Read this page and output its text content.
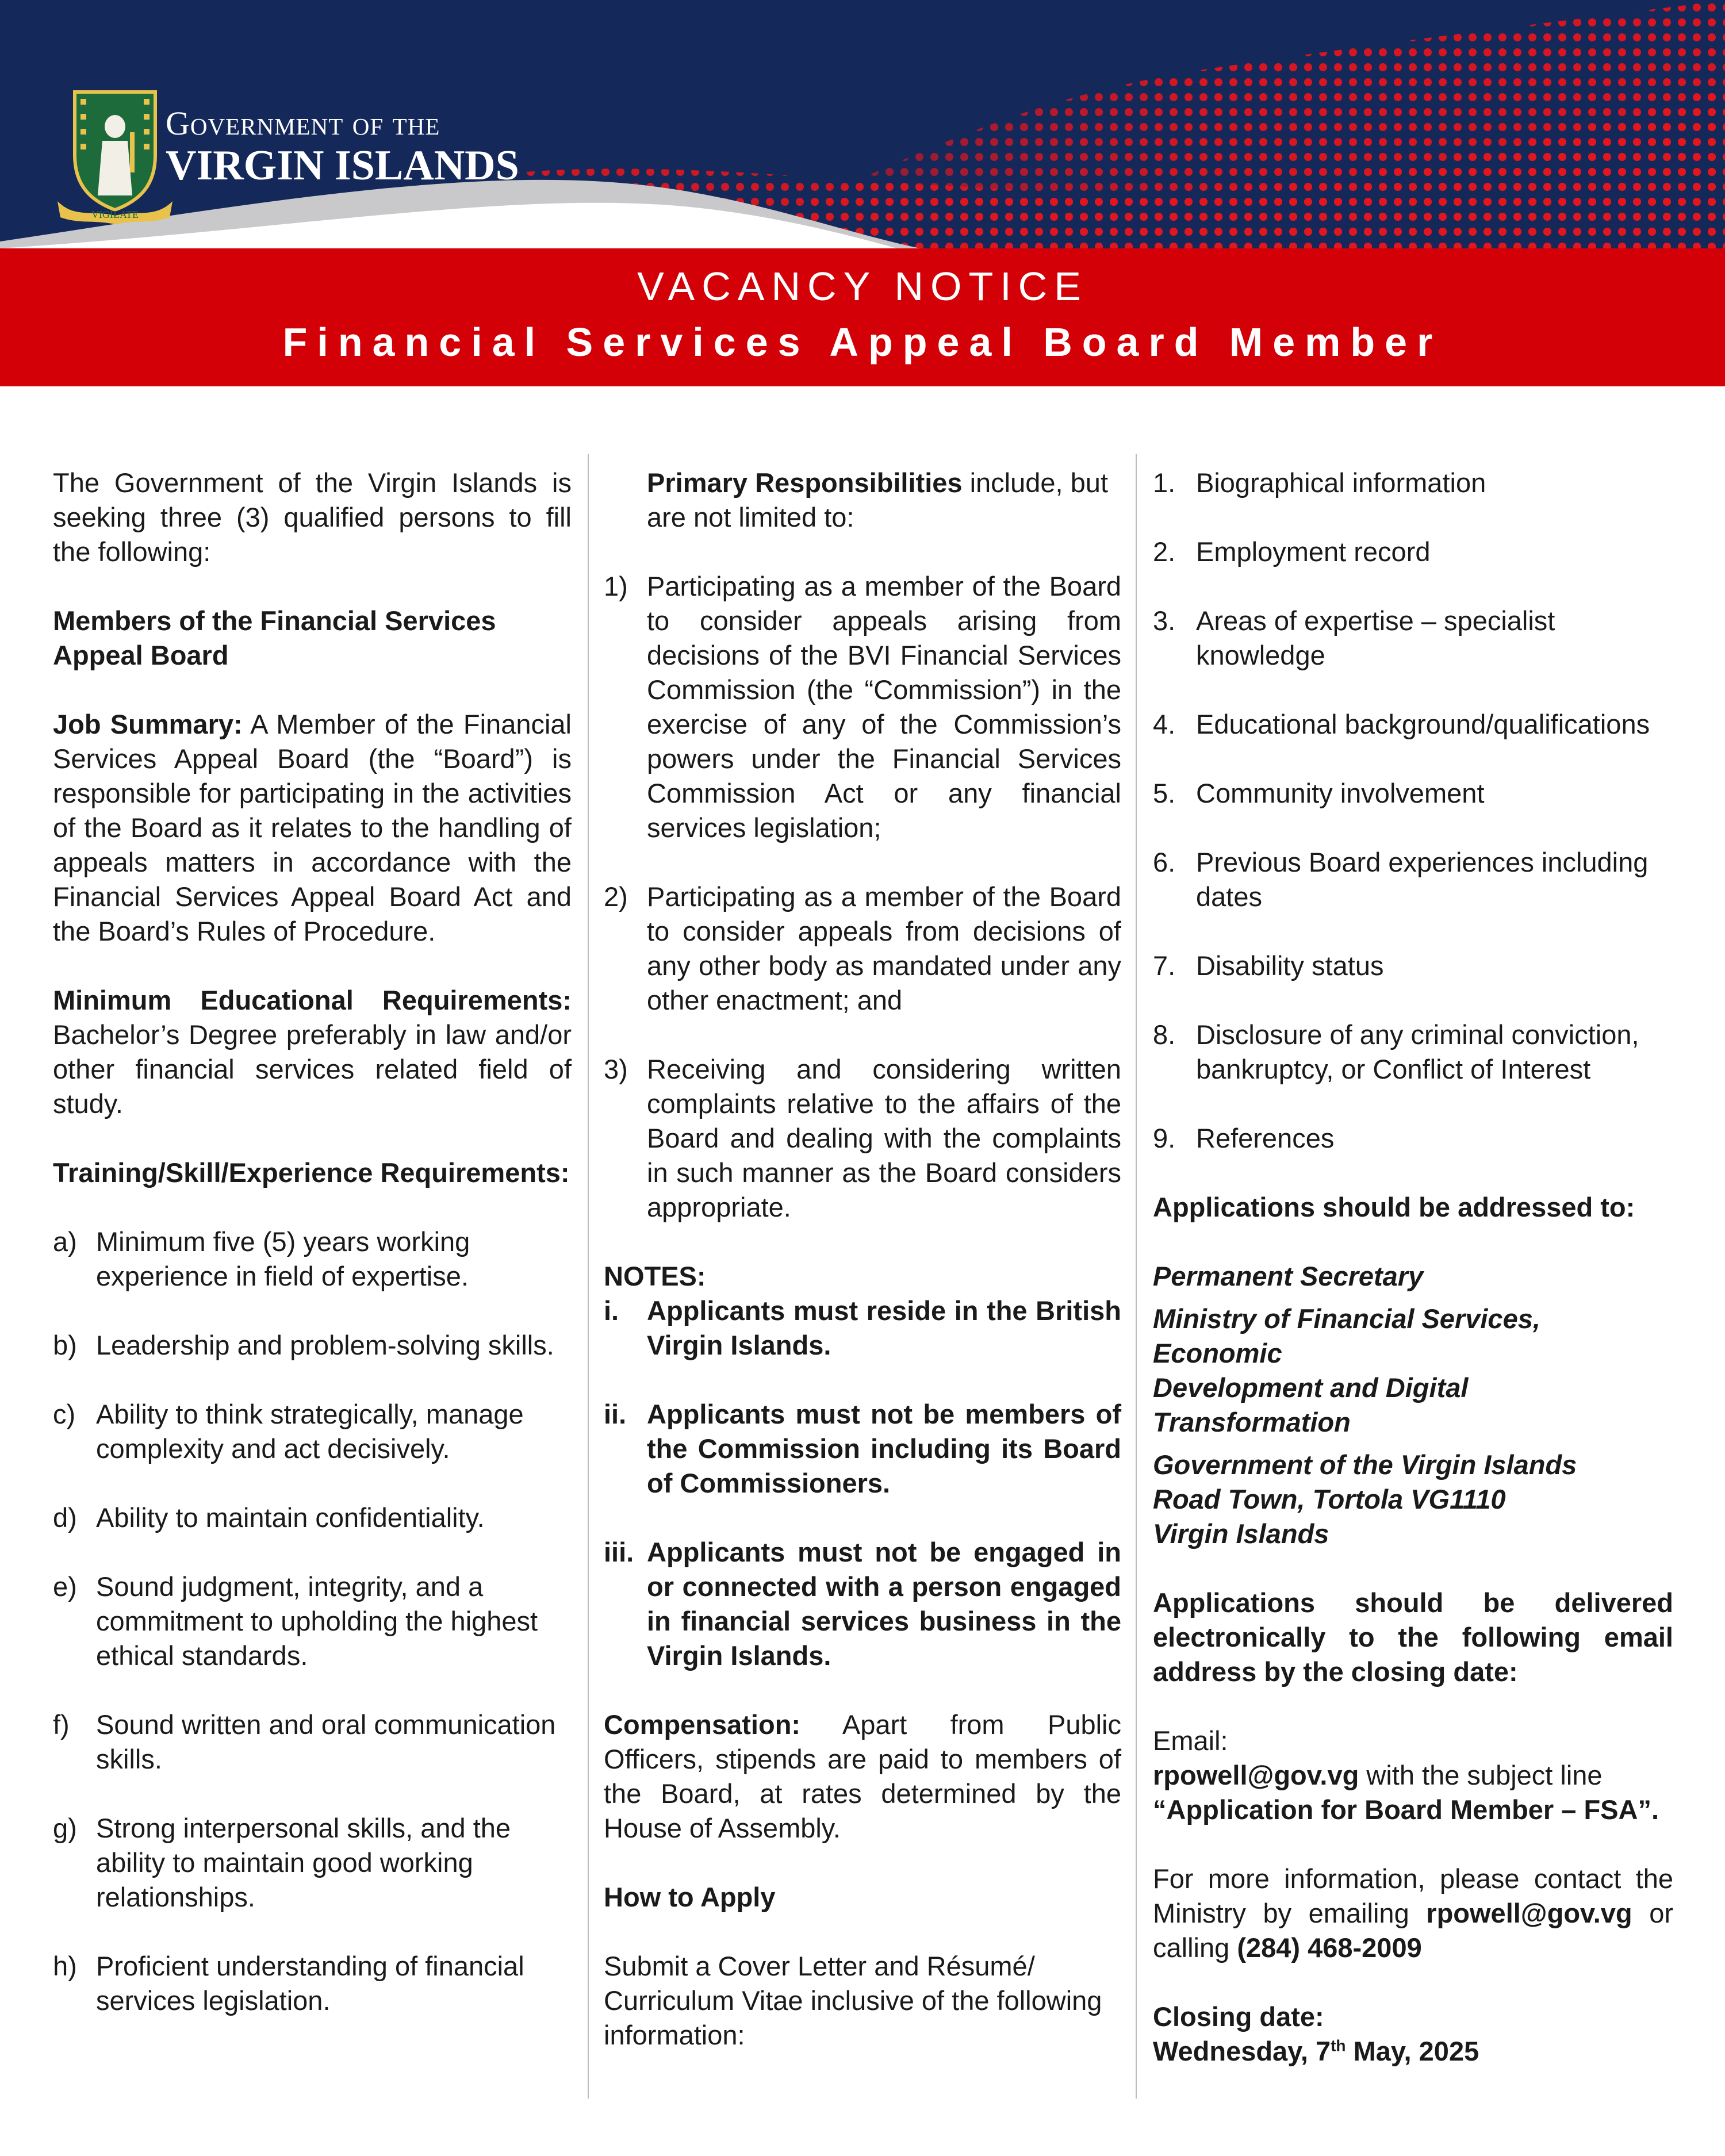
VIGILATE
Government of the
VIRGIN ISLANDS
VACANCY NOTICE
Financial Services Appeal Board Member

The Government of the Virgin Islands is seeking three (3) qualified persons to fill the following:

Members of the Financial Services
Appeal Board

Job Summary: A Member of the Financial Services Appeal Board (the “Board”) is responsible for participating in the activities of the Board as it relates to the handling of appeals matters in accordance with the Financial Services Appeal Board Act and the Board’s Rules of Procedure.

Minimum Educational Requirements: Bachelor’s Degree preferably in law and/or other financial services related field of study.

Training/Skill/Experience Requirements:

a) Minimum five (5) years working experience in field of expertise.
b) Leadership and problem-solving skills.
c) Ability to think strategically, manage complexity and act decisively.
d) Ability to maintain confidentiality.
e) Sound judgment, integrity, and a commitment to upholding the highest ethical standards.
f) Sound written and oral communication skills.
g) Strong interpersonal skills, and the ability to maintain good working relationships.
h) Proficient understanding of financial services legislation.

Primary Responsibilities include, but are not limited to:

1) Participating as a member of the Board to consider appeals arising from decisions of the BVI Financial Services Commission (the “Commission”) in the exercise of any of the Commission’s powers under the Financial Services Commission Act or any financial services legislation;
2) Participating as a member of the Board to consider appeals from decisions of any other body as mandated under any other enactment; and
3) Receiving and considering written complaints relative to the affairs of the Board and dealing with the complaints in such manner as the Board considers appropriate.

NOTES:

i. Applicants must reside in the British Virgin Islands.
ii. Applicants must not be members of the Commission including its Board of Commissioners.
iii. Applicants must not be engaged in or connected with a person engaged in financial services business in the Virgin Islands.

Compensation: Apart from Public Officers, stipends are paid to members of the Board, at rates determined by the House of Assembly.

How to Apply

Submit a Cover Letter and Résumé/ Curriculum Vitae inclusive of the following information:

1. Biographical information
2. Employment record
3. Areas of expertise – specialist knowledge
4. Educational background/qualifications
5. Community involvement
6. Previous Board experiences including dates
7. Disability status
8. Disclosure of any criminal conviction, bankruptcy, or Conflict of Interest
9. References

Applications should be addressed to:

Permanent Secretary

Ministry of Financial Services, Economic
Development and Digital Transformation

Government of the Virgin Islands
Road Town, Tortola VG1110
Virgin Islands

Applications should be delivered electronically to the following email address by the closing date:

Email:

rpowell@gov.vg with the subject line
“Application for Board Member – FSA”.

For more information, please contact the Ministry by emailing rpowell@gov.vg or calling (284) 468-2009

Closing date:

Wednesday, 7th May, 2025
